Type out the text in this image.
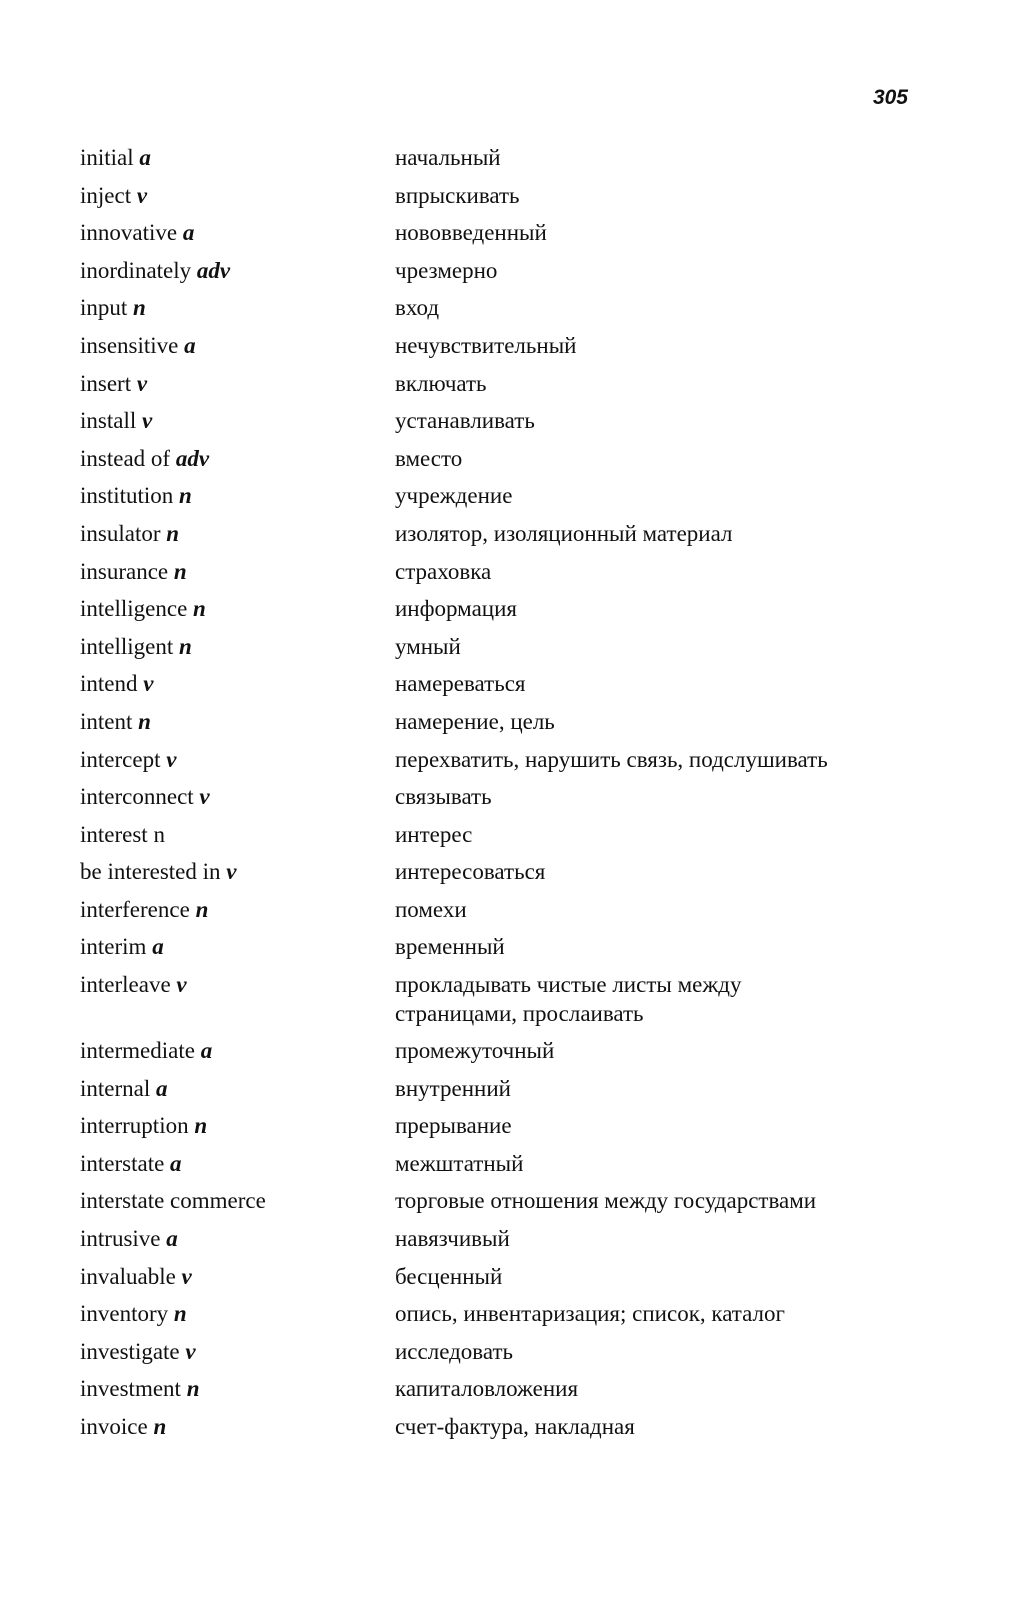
305
initial a	начальный
inject v	впрыскивать
innovative a	нововведенный
inordinately adv	чрезмерно
input n	вход
insensitive a	нечувствительный
insert v	включать
install v	устанавливать
instead of adv	вместо
institution n	учреждение
insulator n	изолятор, изоляционный материал
insurance n	страховка
intelligence n	информация
intelligent n	умный
intend v	намереваться
intent n	намерение, цель
intercept v	перехватить, нарушить связь, подслушивать
interconnect v	связывать
interest n	интерес
be interested in v	интересоваться
interference n	помехи
interim a	временный
interleave v	прокладывать чистые листы между
страницами, прослаивать
intermediate a	промежуточный
internal a	внутренний
interruption n	прерывание
interstate a	межштатный
interstate commerce	торговые отношения между государствами
intrusive a	навязчивый
invaluable v	бесценный
inventory n	опись, инвентаризация; список, каталог
investigate v	исследовать
investment n	капиталовложения
invoice n	счет-фактура, накладная
